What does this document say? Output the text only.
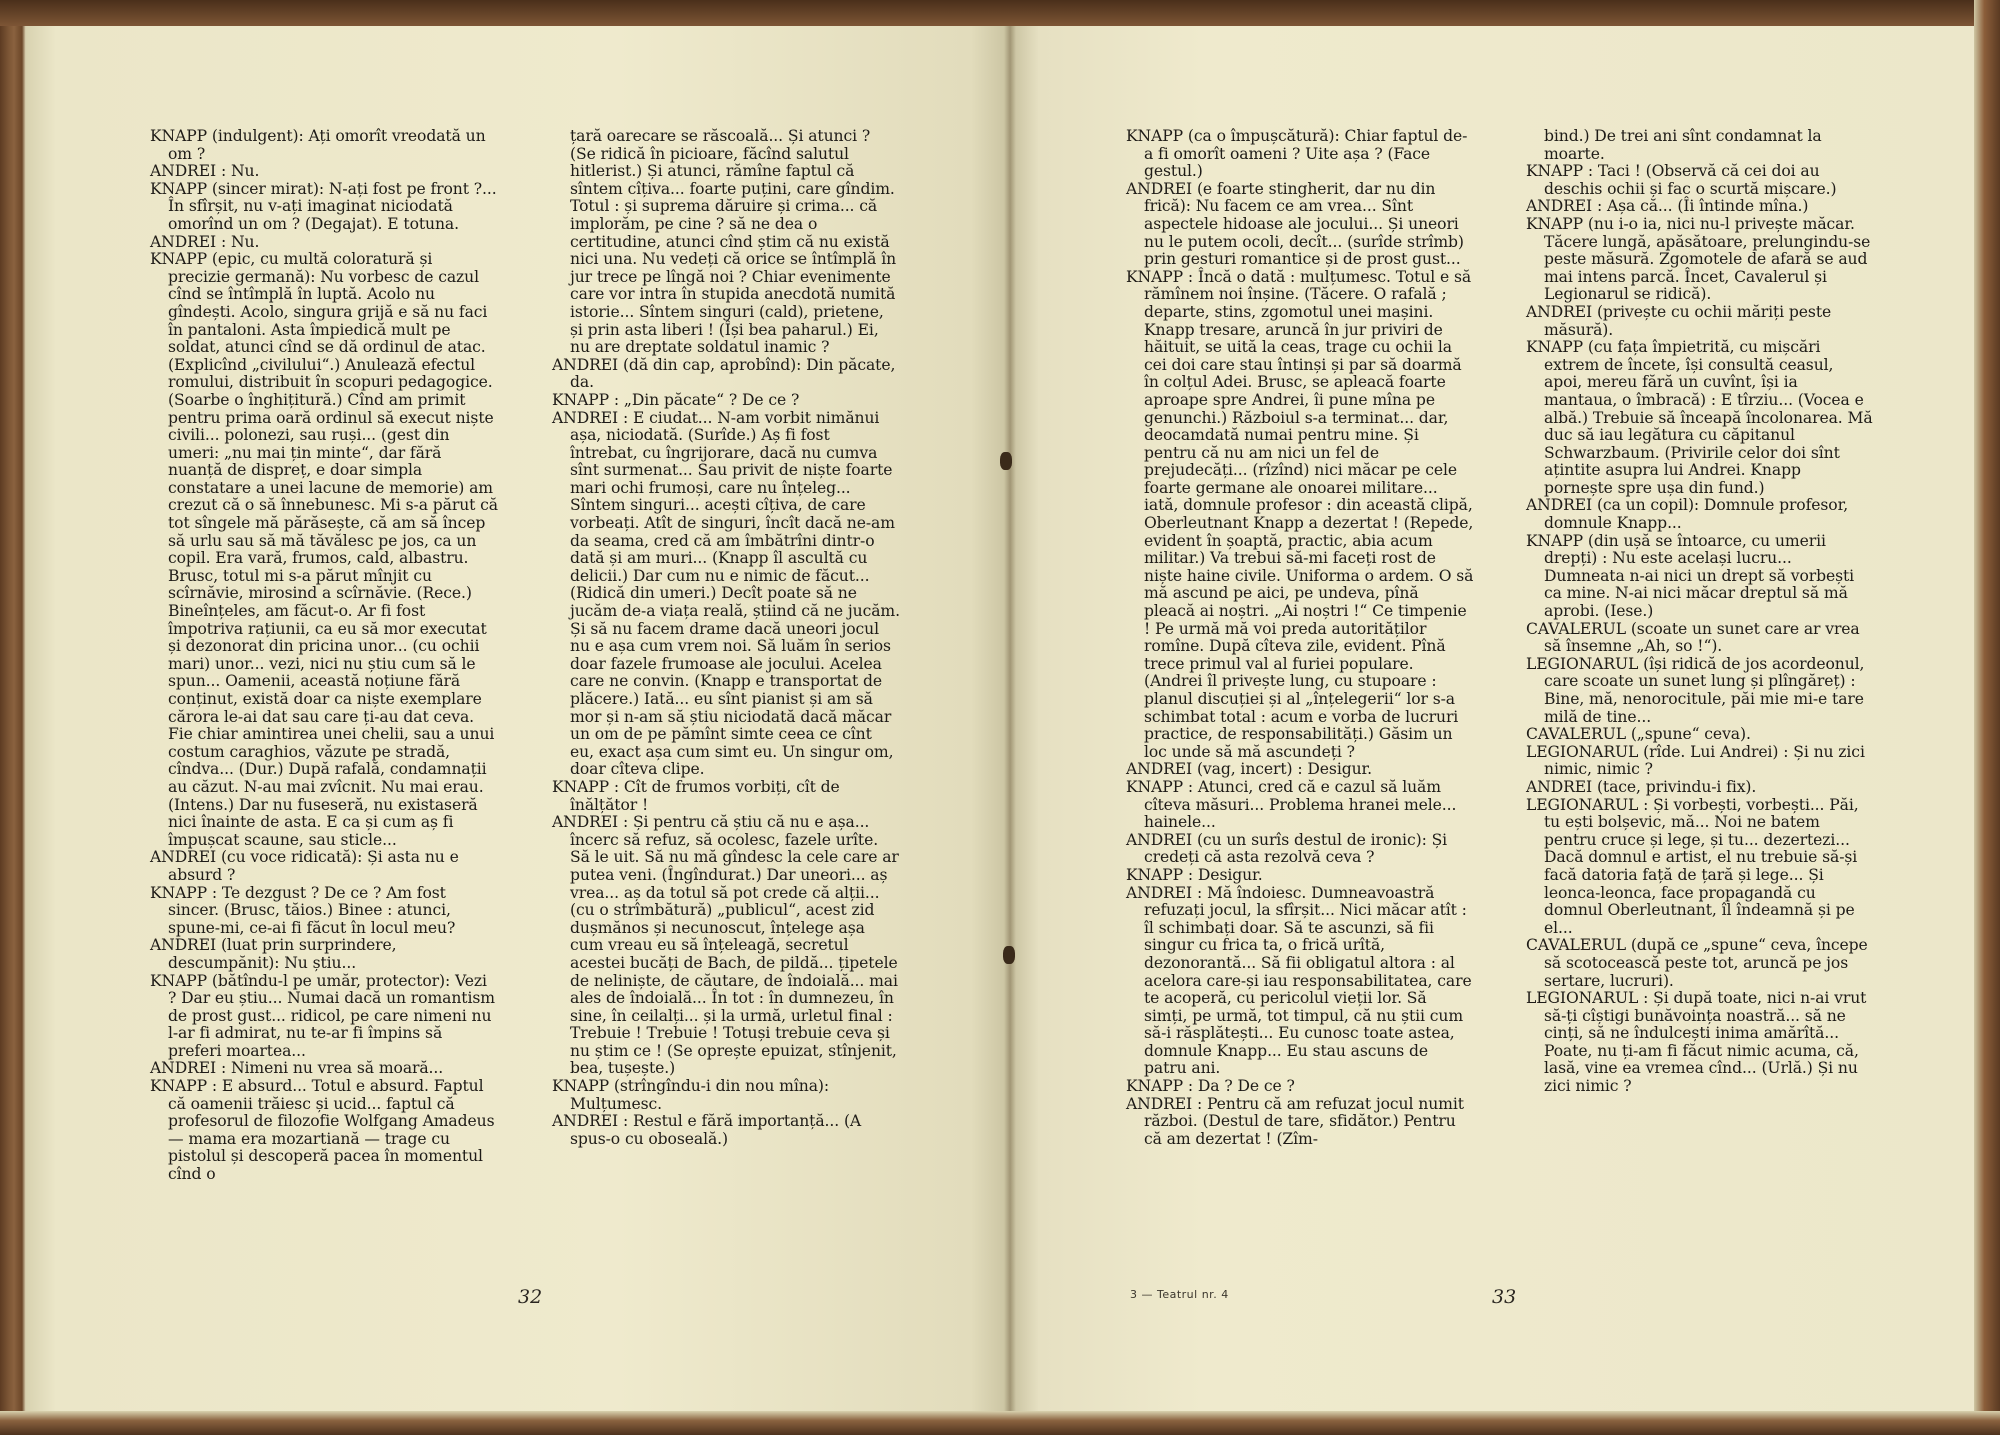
KNAPP (indulgent): Ați omorît vreodată un om ?

ANDREI : Nu.

KNAPP (sincer mirat): N-ați fost pe front ?... În sfîrșit, nu v-ați imaginat niciodată omorînd un om ? (Degajat). E totuna.

ANDREI : Nu.

KNAPP (epic, cu multă coloratură și precizie germană): Nu vorbesc de cazul cînd se întîmplă în luptă. Acolo nu gîndești. Acolo, singura grijă e să nu faci în pantaloni. Asta împiedică mult pe soldat, atunci cînd se dă ordinul de atac. (Explicînd „civilului“.) Anulează efectul romului, distribuit în scopuri pedagogice. (Soarbe o înghițitură.) Cînd am primit pentru prima oară ordinul să execut niște civili... polonezi, sau ruși... (gest din umeri: „nu mai țin minte“, dar fără nuanță de dispreț, e doar simpla constatare a unei lacune de memorie) am crezut că o să înnebunesc. Mi s-a părut că tot sîngele mă părăsește, că am să încep să urlu sau să mă tăvălesc pe jos, ca un copil. Era vară, frumos, cald, albastru. Brusc, totul mi s-a părut mînjit cu scîrnăvie, mirosind a scîrnăvie. (Rece.) Bineînțeles, am făcut-o. Ar fi fost împotriva rațiunii, ca eu să mor executat și dezonorat din pricina unor... (cu ochii mari) unor... vezi, nici nu știu cum să le spun... Oamenii, această noțiune fără conținut, există doar ca niște exemplare cărora le-ai dat sau care ți-au dat ceva. Fie chiar amintirea unei chelii, sau a unui costum caraghios, văzute pe stradă, cîndva... (Dur.) După rafală, condamnații au căzut. N-au mai zvîcnit. Nu mai erau. (Intens.) Dar nu fuseseră, nu existaseră nici înainte de asta. E ca și cum aș fi împușcat scaune, sau sticle...

ANDREI (cu voce ridicată): Și asta nu e absurd ?

KNAPP : Te dezgust ? De ce ? Am fost sincer. (Brusc, tăios.) Binee : atunci, spune-mi, ce-ai fi făcut în locul meu?

ANDREI (luat prin surprindere, descumpănit): Nu știu...

KNAPP (bătîndu-l pe umăr, protector): Vezi ? Dar eu știu... Numai dacă un romantism de prost gust... ridicol, pe care nimeni nu l-ar fi admirat, nu te-ar fi împins să preferi moartea...

ANDREI : Nimeni nu vrea să moară...

KNAPP : E absurd... Totul e absurd. Faptul că oamenii trăiesc și ucid... faptul că profesorul de filozofie Wolfgang Amadeus — mama era mozartiană — trage cu pistolul și descoperă pacea în momentul cînd o

țară oarecare se răscoală... Și atunci ? (Se ridică în picioare, făcînd salutul hitlerist.) Și atunci, rămîne faptul că sîntem cîțiva... foarte puțini, care gîndim. Totul : și suprema dăruire și crima... că implorăm, pe cine ? să ne dea o certitudine, atunci cînd știm că nu există nici una. Nu vedeți că orice se întîmplă în jur trece pe lîngă noi ? Chiar evenimente care vor intra în stupida anecdotă numită istorie... Sîntem singuri (cald), prietene, și prin asta liberi ! (Își bea paharul.) Ei, nu are dreptate soldatul inamic ?

ANDREI (dă din cap, aprobînd): Din păcate, da.

KNAPP : „Din păcate“ ? De ce ?

ANDREI : E ciudat... N-am vorbit nimănui așa, niciodată. (Surîde.) Aș fi fost întrebat, cu îngrijorare, dacă nu cumva sînt surmenat... Sau privit de niște foarte mari ochi frumoși, care nu înțeleg... Sîntem singuri... acești cîțiva, de care vorbeați. Atît de singuri, încît dacă ne-am da seama, cred că am îmbătrîni dintr-o dată și am muri... (Knapp îl ascultă cu delicii.) Dar cum nu e nimic de făcut... (Ridică din umeri.) Decît poate să ne jucăm de-a viața reală, știind că ne jucăm. Și să nu facem drame dacă uneori jocul nu e așa cum vrem noi. Să luăm în serios doar fazele frumoase ale jocului. Acelea care ne convin. (Knapp e transportat de plăcere.) Iată... eu sînt pianist și am să mor și n-am să știu niciodată dacă măcar un om de pe pămînt simte ceea ce cînt eu, exact așa cum simt eu. Un singur om, doar cîteva clipe.

KNAPP : Cît de frumos vorbiți, cît de înălțător !

ANDREI : Și pentru că știu că nu e așa... încerc să refuz, să ocolesc, fazele urîte. Să le uit. Să nu mă gîndesc la cele care ar putea veni. (Îngîndurat.) Dar uneori... aș vrea... aș da totul să pot crede că alții... (cu o strîmbătură) „publicul“, acest zid dușmănos și necunoscut, înțelege așa cum vreau eu să înțeleagă, secretul acestei bucăți de Bach, de pildă... țipetele de neliniște, de căutare, de îndoială... mai ales de îndoială... În tot : în dumnezeu, în sine, în ceilalți... și la urmă, urletul final : Trebuie ! Trebuie ! Totuși trebuie ceva și nu știm ce ! (Se oprește epuizat, stînjenit, bea, tușește.)

KNAPP (strîngîndu-i din nou mîna): Mulțumesc.

ANDREI : Restul e fără importanță... (A spus-o cu oboseală.)

32

KNAPP (ca o împușcătură): Chiar faptul de-a fi omorît oameni ? Uite așa ? (Face gestul.)

ANDREI (e foarte stingherit, dar nu din frică): Nu facem ce am vrea... Sînt aspectele hidoase ale jocului... Și uneori nu le putem ocoli, decît... (surîde strîmb) prin gesturi romantice și de prost gust...

KNAPP : Încă o dată : mulțumesc. Totul e să rămînem noi înșine. (Tăcere. O rafală ; departe, stins, zgomotul unei mașini. Knapp tresare, aruncă în jur priviri de hăituit, se uită la ceas, trage cu ochii la cei doi care stau întinși și par să doarmă în colțul Adei. Brusc, se apleacă foarte aproape spre Andrei, îi pune mîna pe genunchi.) Războiul s-a terminat... dar, deocamdată numai pentru mine. Și pentru că nu am nici un fel de prejudecăți... (rîzînd) nici măcar pe cele foarte germane ale onoarei militare... iată, domnule profesor : din această clipă, Oberleutnant Knapp a dezertat ! (Repede, evident în șoaptă, practic, abia acum militar.) Va trebui să-mi faceți rost de niște haine civile. Uniforma o ardem. O să mă ascund pe aici, pe undeva, pînă pleacă ai noștri. „Ai noștri !“ Ce timpenie ! Pe urmă mă voi preda autorităților romîne. După cîteva zile, evident. Pînă trece primul val al furiei populare. (Andrei îl privește lung, cu stupoare : planul discuției și al „înțelegerii“ lor s-a schimbat total : acum e vorba de lucruri practice, de responsabilități.) Găsim un loc unde să mă ascundeți ?

ANDREI (vag, incert) : Desigur.

KNAPP : Atunci, cred că e cazul să luăm cîteva măsuri... Problema hranei mele... hainele...

ANDREI (cu un surîs destul de ironic): Și credeți că asta rezolvă ceva ?

KNAPP : Desigur.

ANDREI : Mă îndoiesc. Dumneavoastră refuzați jocul, la sfîrșit... Nici măcar atît : îl schimbați doar. Să te ascunzi, să fii singur cu frica ta, o frică urîtă, dezonorantă... Să fii obligatul altora : al acelora care-și iau responsabilitatea, care te acoperă, cu pericolul vieții lor. Să simți, pe urmă, tot timpul, că nu știi cum să-i răsplătești... Eu cunosc toate astea, domnule Knapp... Eu stau ascuns de patru ani.

KNAPP : Da ? De ce ?

ANDREI : Pentru că am refuzat jocul numit război. (Destul de tare, sfidător.) Pentru că am dezertat ! (Zîm-

bind.) De trei ani sînt condamnat la moarte.

KNAPP : Taci ! (Observă că cei doi au deschis ochii și fac o scurtă mișcare.)

ANDREI : Așa că... (Îi întinde mîna.)

KNAPP (nu i-o ia, nici nu-l privește măcar. Tăcere lungă, apăsătoare, prelungindu-se peste măsură. Zgomotele de afară se aud mai intens parcă. Încet, Cavalerul și Legionarul se ridică).

ANDREI (privește cu ochii măriți peste măsură).

KNAPP (cu fața împietrită, cu mișcări extrem de încete, își consultă ceasul, apoi, mereu fără un cuvînt, își ia mantaua, o îmbracă) : E tîrziu... (Vocea e albă.) Trebuie să înceapă încolonarea. Mă duc să iau legătura cu căpitanul Schwarzbaum. (Privirile celor doi sînt ațintite asupra lui Andrei. Knapp pornește spre ușa din fund.)

ANDREI (ca un copil): Domnule profesor, domnule Knapp...

KNAPP (din ușă se întoarce, cu umerii drepți) : Nu este același lucru... Dumneata n-ai nici un drept să vorbești ca mine. N-ai nici măcar dreptul să mă aprobi. (Iese.)

CAVALERUL (scoate un sunet care ar vrea să însemne „Ah, so !“).

LEGIONARUL (își ridică de jos acordeonul, care scoate un sunet lung și plîngăreț) : Bine, mă, nenorocitule, păi mie mi-e tare milă de tine...

CAVALERUL („spune“ ceva).

LEGIONARUL (rîde. Lui Andrei) : Și nu zici nimic, nimic ?

ANDREI (tace, privindu-i fix).

LEGIONARUL : Și vorbești, vorbești... Păi, tu ești bolșevic, mă... Noi ne batem pentru cruce și lege, și tu... dezertezi... Dacă domnul e artist, el nu trebuie să-și facă datoria față de țară și lege... Și leonca-leonca, face propagandă cu domnul Oberleutnant, îl îndeamnă și pe el...

CAVALERUL (după ce „spune“ ceva, începe să scotocească peste tot, aruncă pe jos sertare, lucruri).

LEGIONARUL : Și după toate, nici n-ai vrut să-ți cîștigi bunăvoința noastră... să ne cinți, să ne îndulcești inima amărîtă... Poate, nu ți-am fi făcut nimic acuma, că, lasă, vine ea vremea cînd... (Urlă.) Și nu zici nimic ?

3 — Teatrul nr. 4	33
